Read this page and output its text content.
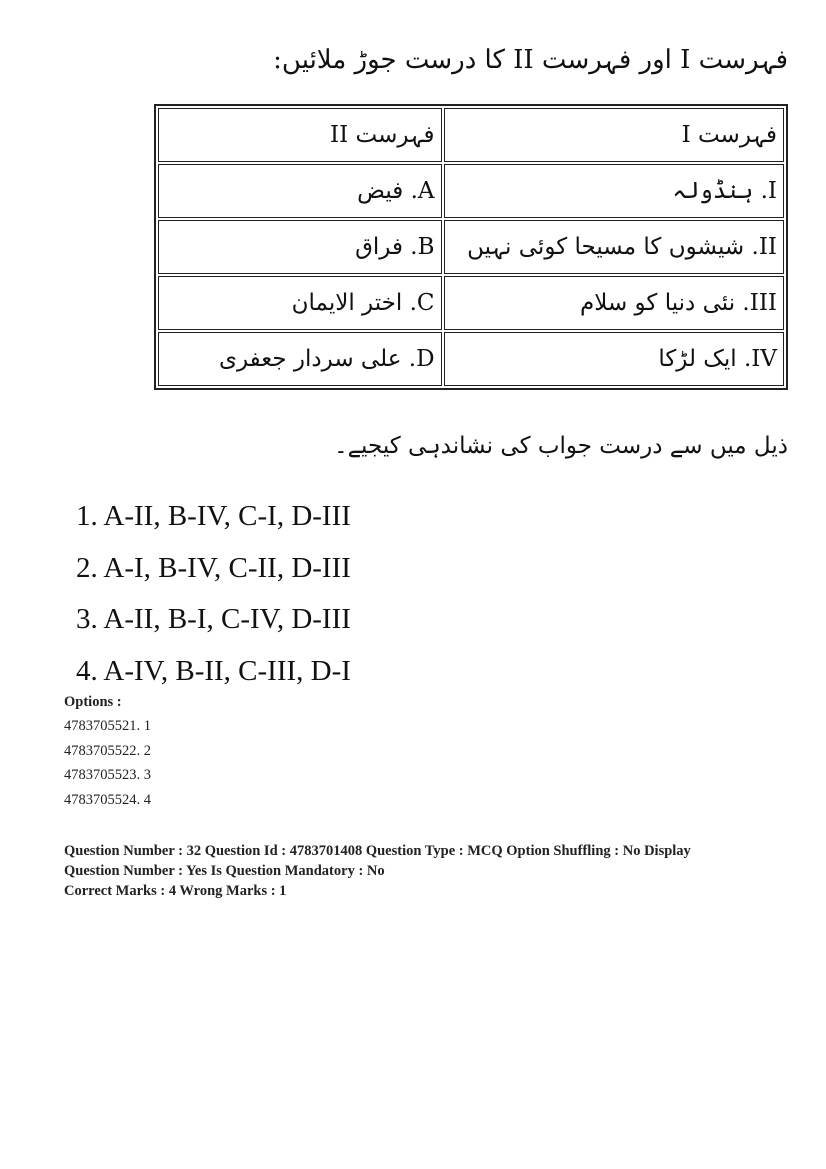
فہرست I اور فہرست II کا درست جوڑ ملائیں:
فہرست II	فہرست I
A. فیض	I. ہنڈولہ
B. فراق	II. شیشوں کا مسیحا کوئی نہیں
C. اختر الایمان	III. نئی دنیا کو سلام
D. علی سردار جعفری	IV. ایک لڑکا
ذیل میں سے درست جواب کی نشاندہی کیجیے۔
1. A-II, B-IV, C-I, D-III
2. A-I, B-IV, C-II, D-III
3. A-II, B-I, C-IV, D-III
4. A-IV, B-II, C-III, D-I
Options :
4783705521. 1
4783705522. 2
4783705523. 3
4783705524. 4
Question Number : 32 Question Id : 4783701408 Question Type : MCQ Option Shuffling : No Display
Question Number : Yes Is Question Mandatory : No
Correct Marks : 4 Wrong Marks : 1
